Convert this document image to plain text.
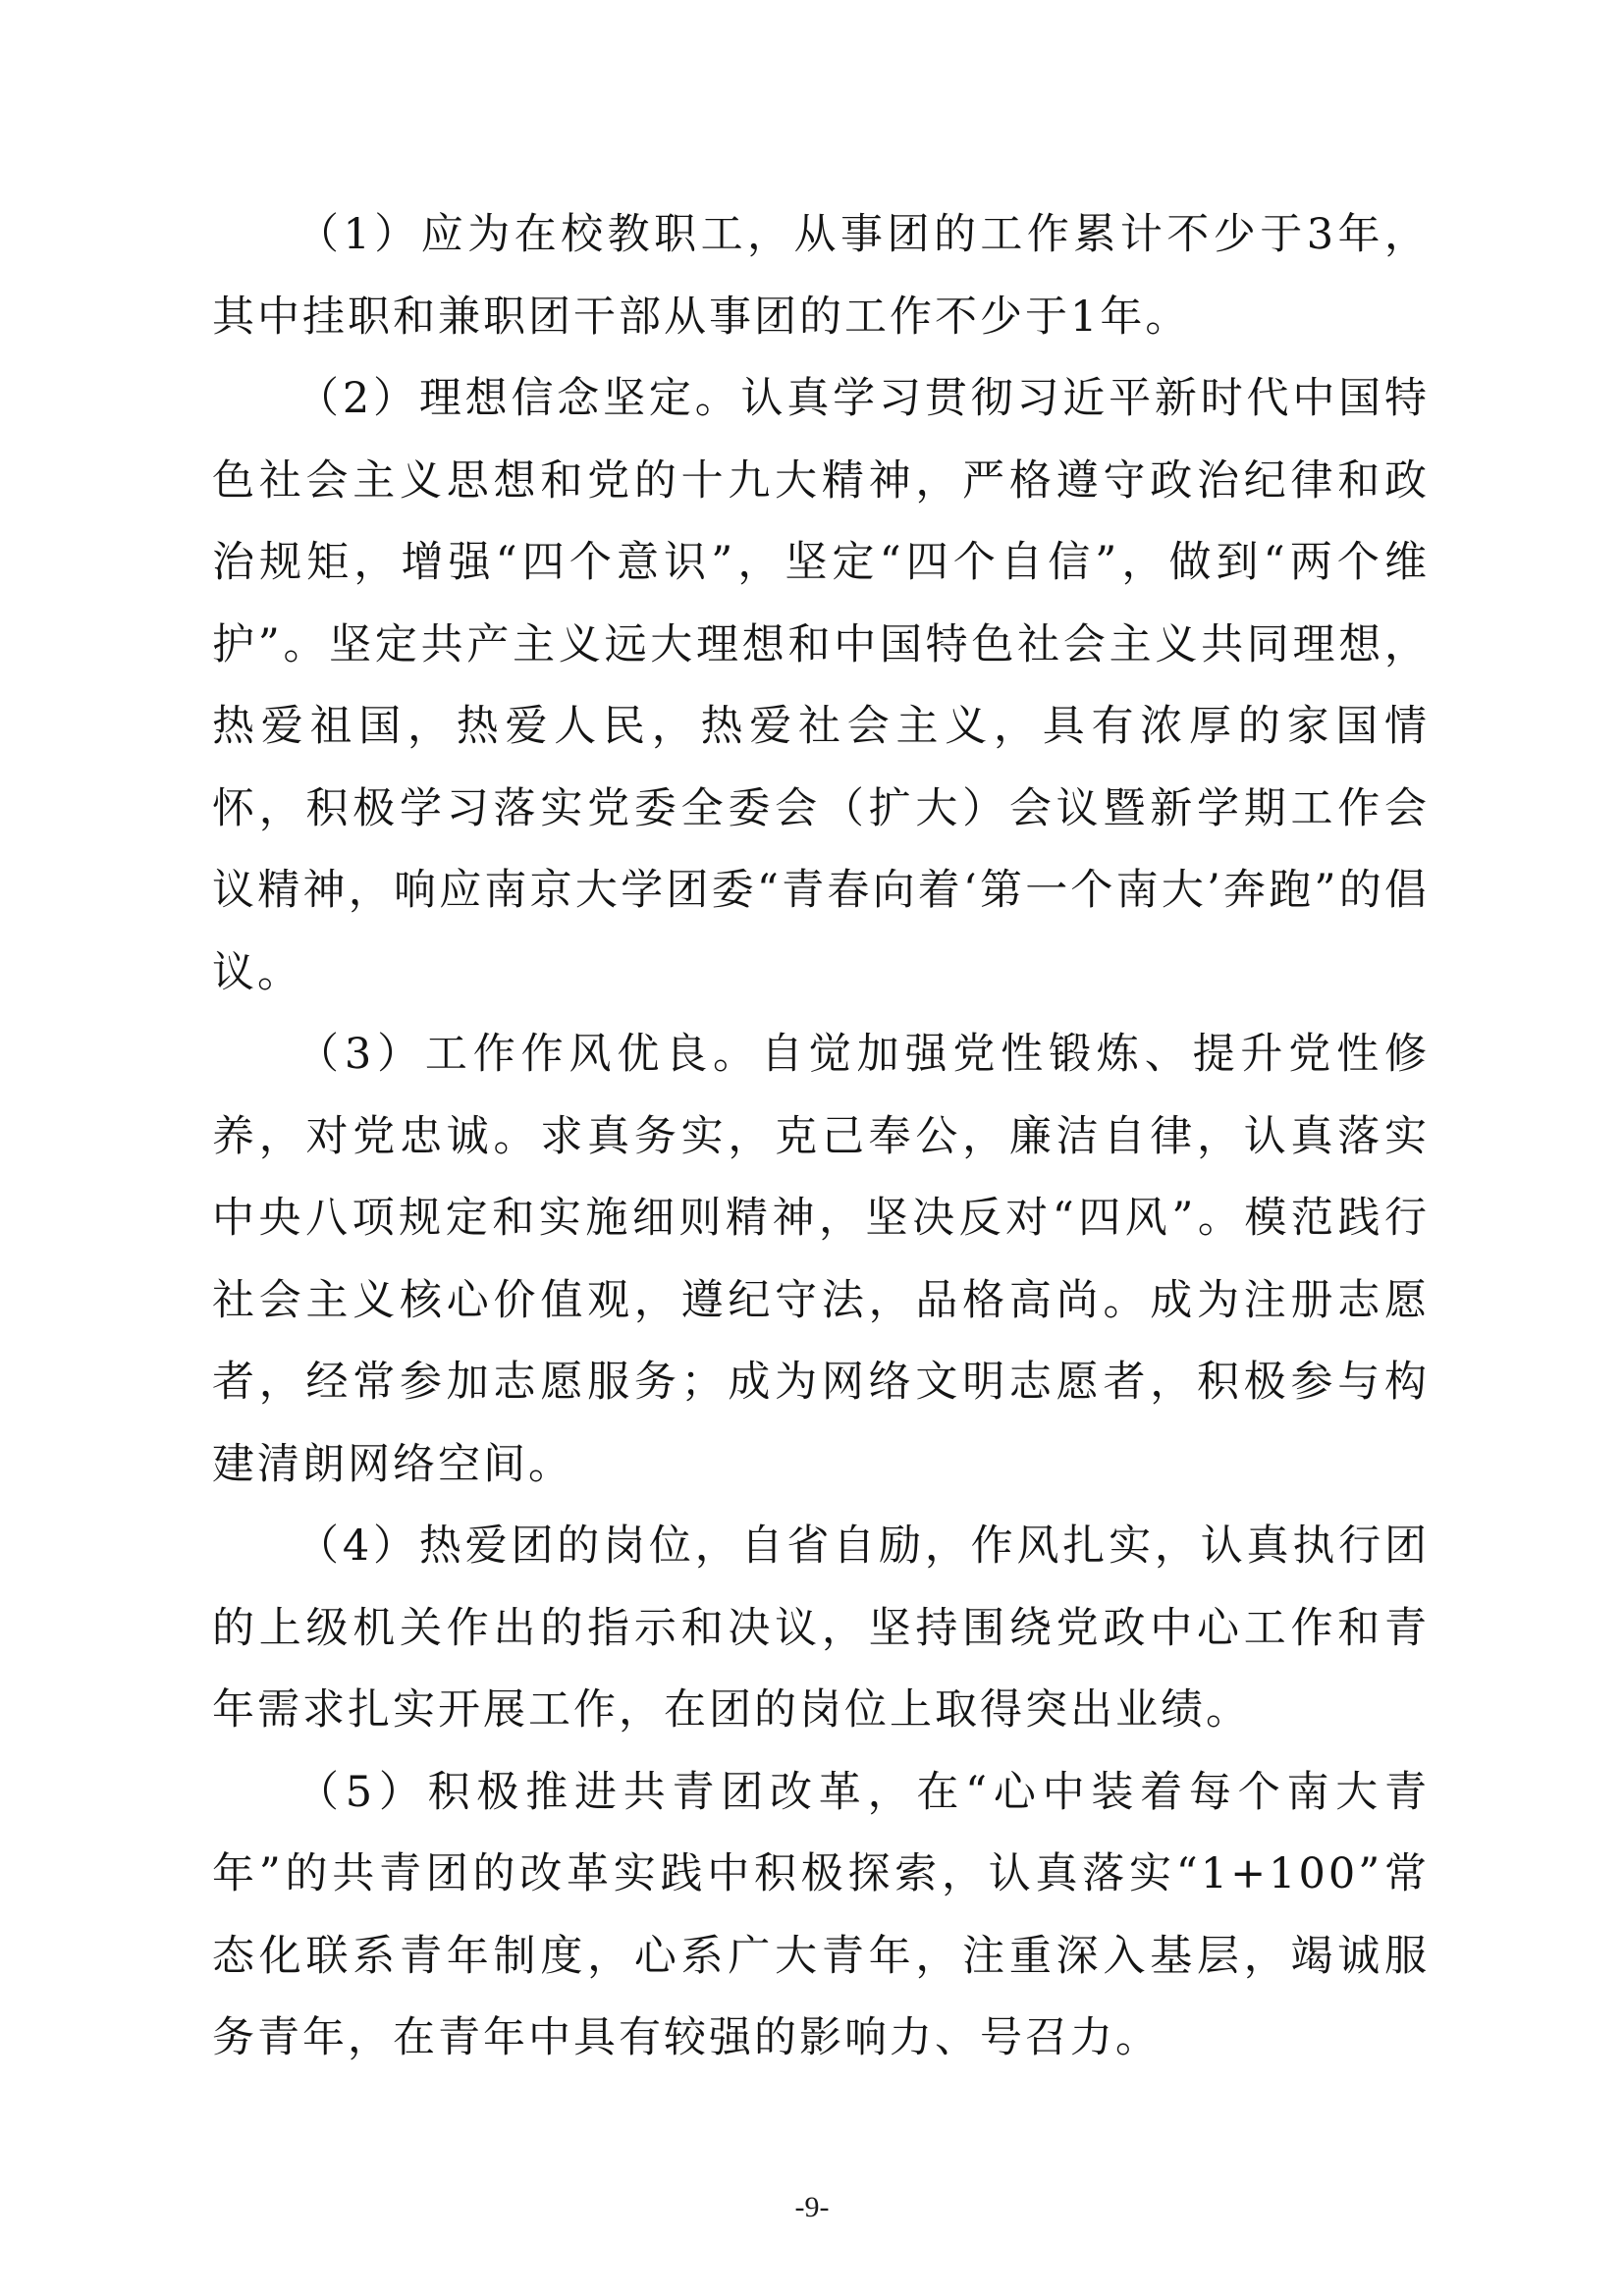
（1）应为在校教职工，从事团的工作累计不少于3年，其中挂职和兼职团干部从事团的工作不少于1年。

（2）理想信念坚定。认真学习贯彻习近平新时代中国特色社会主义思想和党的十九大精神，严格遵守政治纪律和政治规矩，增强“四个意识”，坚定“四个自信”，做到“两个维护”。坚定共产主义远大理想和中国特色社会主义共同理想，热爱祖国，热爱人民，热爱社会主义，具有浓厚的家国情怀，积极学习落实党委全委会（扩大）会议暨新学期工作会议精神，响应南京大学团委“青春向着‘第一个南大’奔跑”的倡议。

（3）工作作风优良。自觉加强党性锻炼、提升党性修养，对党忠诚。求真务实，克己奉公，廉洁自律，认真落实中央八项规定和实施细则精神，坚决反对“四风”。模范践行社会主义核心价值观，遵纪守法，品格高尚。成为注册志愿者，经常参加志愿服务；成为网络文明志愿者，积极参与构建清朗网络空间。

（4）热爱团的岗位，自省自励，作风扎实，认真执行团的上级机关作出的指示和决议，坚持围绕党政中心工作和青年需求扎实开展工作，在团的岗位上取得突出业绩。

（5）积极推进共青团改革，在“心中装着每个南大青年”的共青团的改革实践中积极探索，认真落实“1+100”常态化联系青年制度，心系广大青年，注重深入基层，竭诚服务青年，在青年中具有较强的影响力、号召力。

-9-
